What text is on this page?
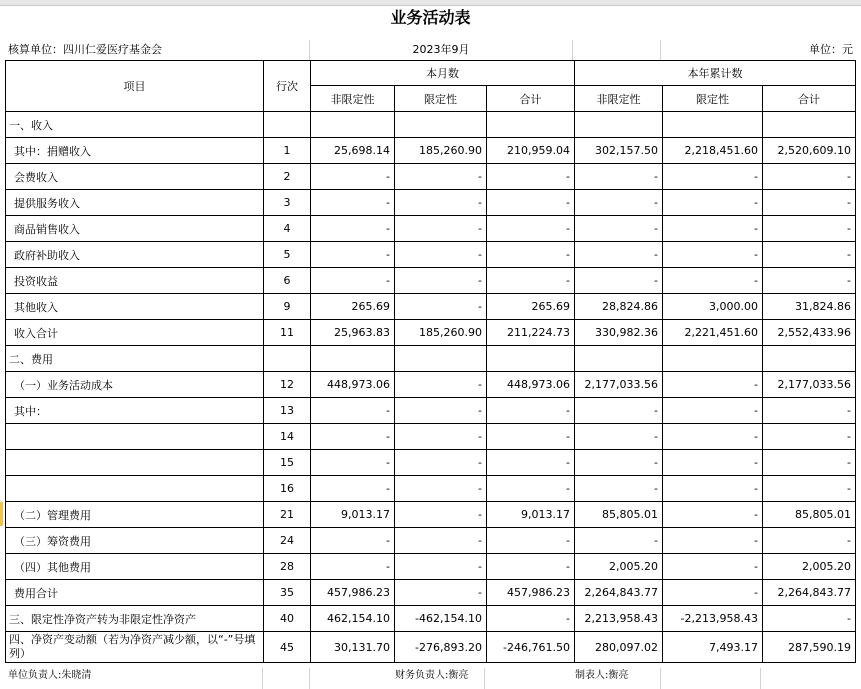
业务活动表
核算单位：四川仁爱医疗基金会	2023年9月	单位：元
项目	行次	本月数			本年累计数		
		非限定性	限定性	合计	非限定性	限定性	合计
一、收入							
其中：捐赠收入	1	25,698.14	185,260.90	210,959.04	302,157.50	2,218,451.60	2,520,609.10
会费收入	2	-	-	-	-	-	-
提供服务收入	3	-	-	-	-	-	-
商品销售收入	4	-	-	-	-	-	-
政府补助收入	5	-	-	-	-	-	-
投资收益	6	-	-	-	-	-	-
其他收入	9	265.69	-	265.69	28,824.86	3,000.00	31,824.86
收入合计	11	25,963.83	185,260.90	211,224.73	330,982.36	2,221,451.60	2,552,433.96
二、费用							
（一）业务活动成本	12	448,973.06	-	448,973.06	2,177,033.56	-	2,177,033.56
其中：	13	-	-	-	-	-	-
	14	-	-	-	-	-	-
	15	-	-	-	-	-	-
	16	-	-	-	-	-	-
（二）管理费用	21	9,013.17	-	9,013.17	85,805.01	-	85,805.01
（三）筹资费用	24	-	-	-	-	-	-
（四）其他费用	28	-	-	-	2,005.20	-	2,005.20
费用合计	35	457,986.23	-	457,986.23	2,264,843.77	-	2,264,843.77
三、限定性净资产转为非限定性净资产	40	462,154.10	-462,154.10	-	2,213,958.43	-2,213,958.43	-
四、净资产变动额（若为净资产减少额，以“-”号填列）	45	30,131.70	-276,893.20	-246,761.50	280,097.02	7,493.17	287,590.19
单位负责人:朱晓清	财务负责人:衡亮	制表人:衡亮
